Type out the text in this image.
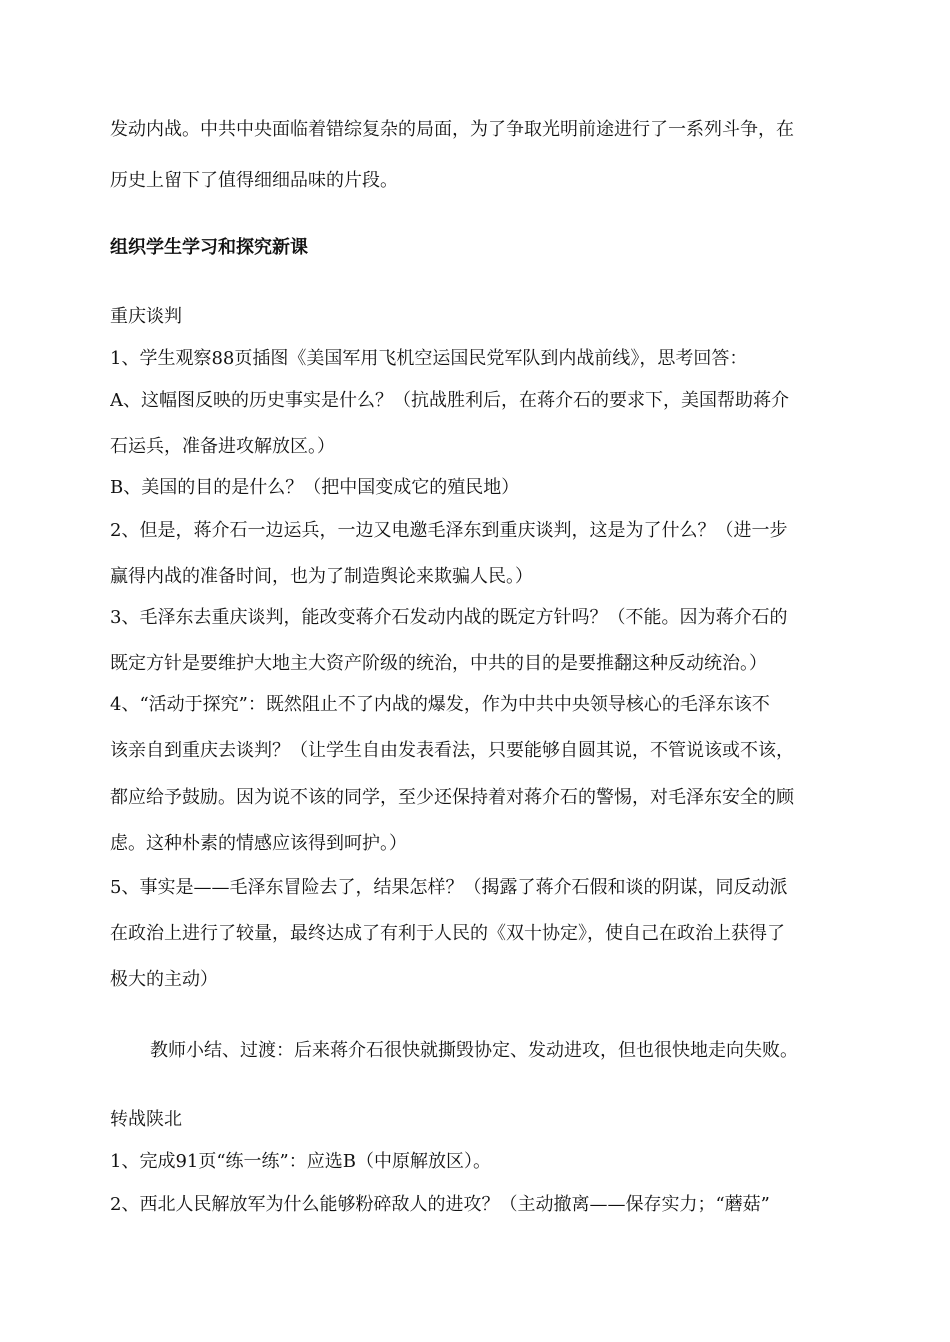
发动内战。中共中央面临着错综复杂的局面，为了争取光明前途进行了一系列斗争，在
历史上留下了值得细细品味的片段。
组织学生学习和探究新课
重庆谈判
1、学生观察88页插图《美国军用飞机空运国民党军队到内战前线》，思考回答：
A、这幅图反映的历史事实是什么？（抗战胜利后，在蒋介石的要求下，美国帮助蒋介
石运兵，准备进攻解放区。）
B、美国的目的是什么？（把中国变成它的殖民地）
2、但是，蒋介石一边运兵，一边又电邀毛泽东到重庆谈判，这是为了什么？（进一步
赢得内战的准备时间，也为了制造舆论来欺骗人民。）
3、毛泽东去重庆谈判，能改变蒋介石发动内战的既定方针吗？（不能。因为蒋介石的
既定方针是要维护大地主大资产阶级的统治，中共的目的是要推翻这种反动统治。）
4、“活动于探究”：既然阻止不了内战的爆发，作为中共中央领导核心的毛泽东该不
该亲自到重庆去谈判？（让学生自由发表看法，只要能够自圆其说，不管说该或不该，
都应给予鼓励。因为说不该的同学，至少还保持着对蒋介石的警惕，对毛泽东安全的顾
虑。这种朴素的情感应该得到呵护。）
5、事实是——毛泽东冒险去了，结果怎样？（揭露了蒋介石假和谈的阴谋，同反动派
在政治上进行了较量，最终达成了有利于人民的《双十协定》，使自己在政治上获得了
极大的主动）
教师小结、过渡：后来蒋介石很快就撕毁协定、发动进攻，但也很快地走向失败。
转战陕北
1、完成91页“练一练”：应选B（中原解放区）。
2、西北人民解放军为什么能够粉碎敌人的进攻？（主动撤离——保存实力；“蘑菇”
